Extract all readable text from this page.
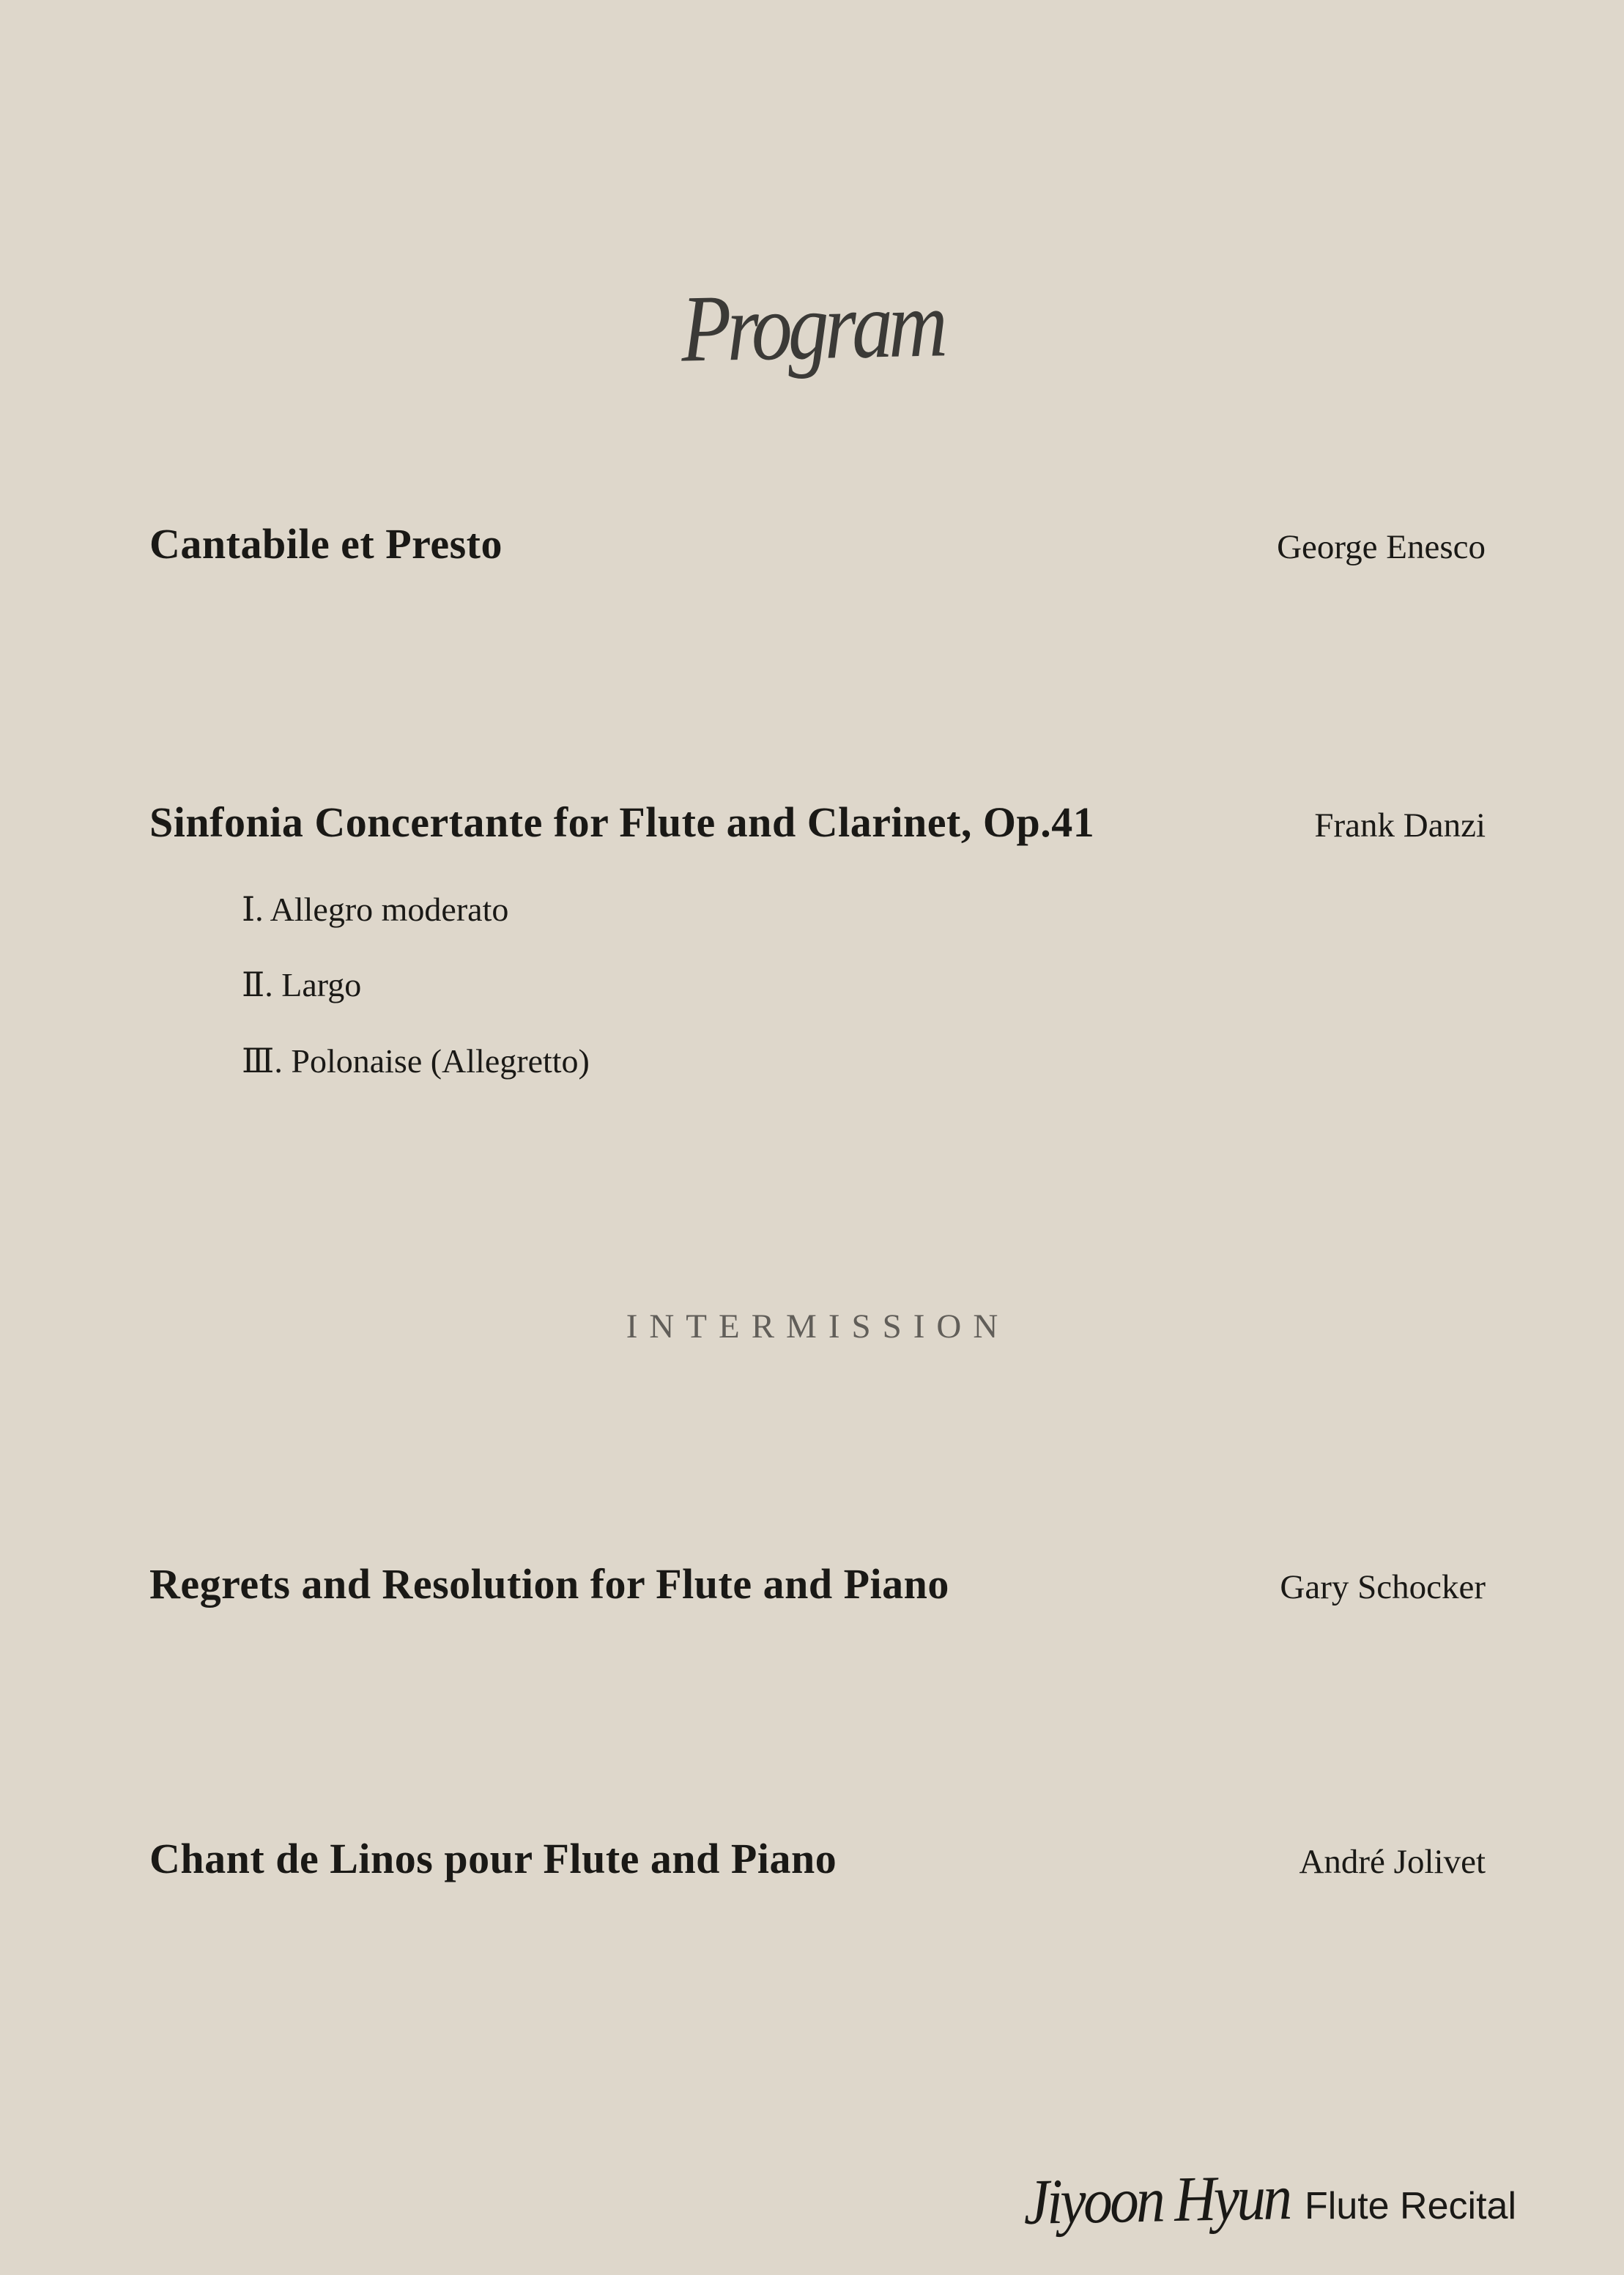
Program
Cantabile et Presto	George Enesco
Sinfonia Concertante for Flute and Clarinet, Op.41	Frank Danzi
Ⅰ. Allegro moderato
Ⅱ. Largo
Ⅲ. Polonaise (Allegretto)
INTERMISSION
Regrets and Resolution for Flute and Piano	Gary Schocker
Chant de Linos pour Flute and Piano	André Jolivet
Jiyoon Hyun Flute Recital
